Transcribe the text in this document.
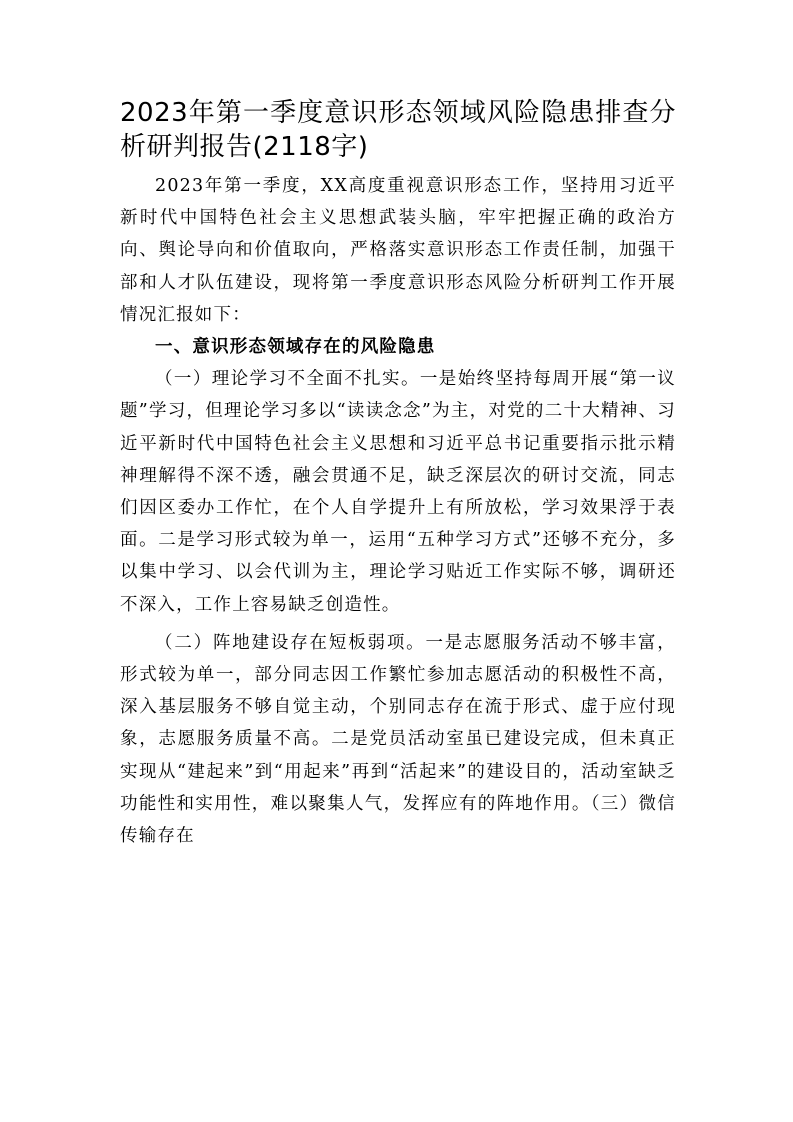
2023年第一季度意识形态领域风险隐患排查分析研判报告(2118字)

2023年第一季度，XX高度重视意识形态工作，坚持用习近平新时代中国特色社会主义思想武装头脑，牢牢把握正确的政治方向、舆论导向和价值取向，严格落实意识形态工作责任制，加强干部和人才队伍建设，现将第一季度意识形态风险分析研判工作开展情况汇报如下：

一、意识形态领域存在的风险隐患

（一）理论学习不全面不扎实。一是始终坚持每周开展“第一议题”学习，但理论学习多以“读读念念”为主，对党的二十大精神、习近平新时代中国特色社会主义思想和习近平总书记重要指示批示精神理解得不深不透，融会贯通不足，缺乏深层次的研讨交流，同志们因区委办工作忙，在个人自学提升上有所放松，学习效果浮于表面。二是学习形式较为单一，运用“五种学习方式”还够不充分，多以集中学习、以会代训为主，理论学习贴近工作实际不够，调研还不深入，工作上容易缺乏创造性。

（二）阵地建设存在短板弱项。一是志愿服务活动不够丰富，形式较为单一，部分同志因工作繁忙参加志愿活动的积极性不高，深入基层服务不够自觉主动，个别同志存在流于形式、虚于应付现象，志愿服务质量不高。二是党员活动室虽已建设完成，但未真正实现从“建起来”到“用起来”再到“活起来”的建设目的，活动室缺乏功能性和实用性，难以聚集人气，发挥应有的阵地作用。（三）微信传输存在
